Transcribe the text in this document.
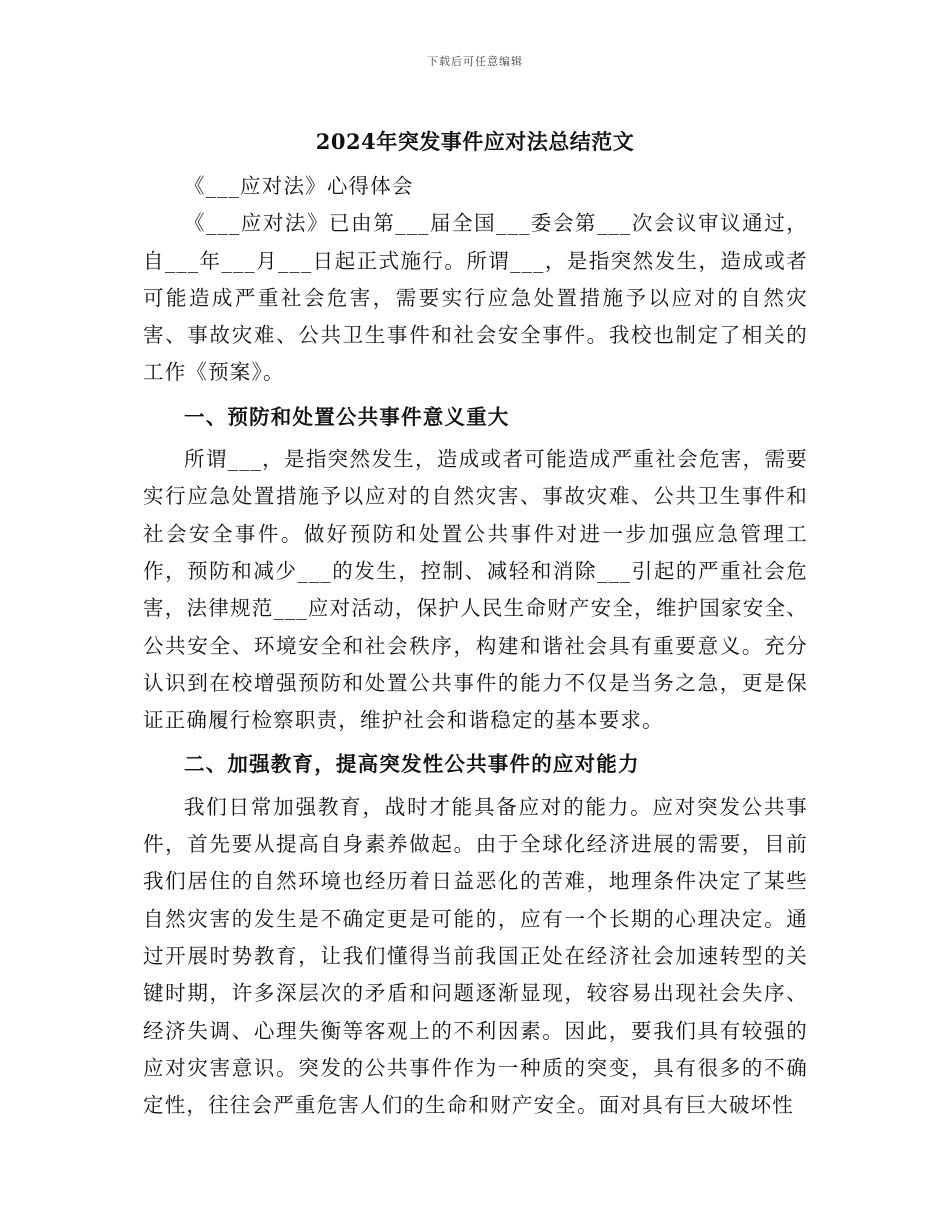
下载后可任意编辑
2024年突发事件应对法总结范文

《___应对法》心得体会

《___应对法》已由第___届全国___委会第___次会议审议通过，自___年___月___日起正式施行。所谓___，是指突然发生，造成或者可能造成严重社会危害，需要实行应急处置措施予以应对的自然灾害、事故灾难、公共卫生事件和社会安全事件。我校也制定了相关的工作《预案》。

一、预防和处置公共事件意义重大

所谓___，是指突然发生，造成或者可能造成严重社会危害，需要实行应急处置措施予以应对的自然灾害、事故灾难、公共卫生事件和社会安全事件。做好预防和处置公共事件对进一步加强应急管理工作，预防和减少___的发生，控制、减轻和消除___引起的严重社会危害，法律规范___应对活动，保护人民生命财产安全，维护国家安全、公共安全、环境安全和社会秩序，构建和谐社会具有重要意义。充分认识到在校增强预防和处置公共事件的能力不仅是当务之急，更是保证正确履行检察职责，维护社会和谐稳定的基本要求。

二、加强教育，提高突发性公共事件的应对能力

我们日常加强教育，战时才能具备应对的能力。应对突发公共事件，首先要从提高自身素养做起。由于全球化经济进展的需要，目前我们居住的自然环境也经历着日益恶化的苦难，地理条件决定了某些自然灾害的发生是不确定更是可能的，应有一个长期的心理决定。通过开展时势教育，让我们懂得当前我国正处在经济社会加速转型的关键时期，许多深层次的矛盾和问题逐渐显现，较容易出现社会失序、经济失调、心理失衡等客观上的不利因素。因此，要我们具有较强的应对灾害意识。突发的公共事件作为一种质的突变，具有很多的不确定性，往往会严重危害人们的生命和财产安全。面对具有巨大破坏性
